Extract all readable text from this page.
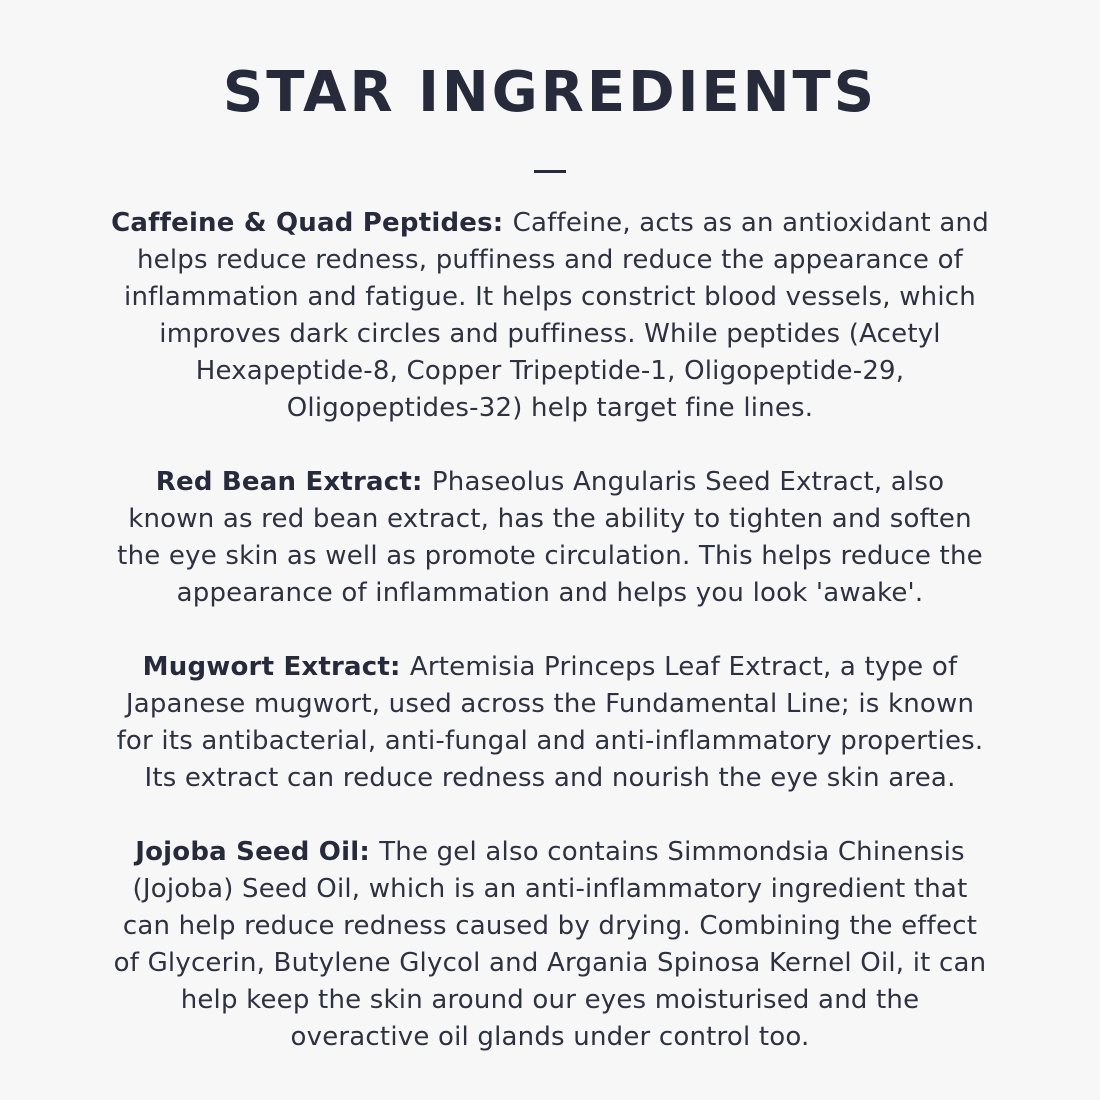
STAR INGREDIENTS

Caffeine & Quad Peptides: Caffeine, acts as an antioxidant and helps reduce redness, puffiness and reduce the appearance of inflammation and fatigue. It helps constrict blood vessels, which improves dark circles and puffiness. While peptides (Acetyl Hexapeptide-8, Copper Tripeptide-1, Oligopeptide-29, Oligopeptides-32) help target fine lines.

Red Bean Extract: Phaseolus Angularis Seed Extract, also known as red bean extract, has the ability to tighten and soften the eye skin as well as promote circulation. This helps reduce the appearance of inflammation and helps you look 'awake'.

Mugwort Extract: Artemisia Princeps Leaf Extract, a type of Japanese mugwort, used across the Fundamental Line; is known for its antibacterial, anti-fungal and anti-inflammatory properties. Its extract can reduce redness and nourish the eye skin area.

Jojoba Seed Oil: The gel also contains Simmondsia Chinensis (Jojoba) Seed Oil, which is an anti-inflammatory ingredient that can help reduce redness caused by drying. Combining the effect of Glycerin, Butylene Glycol and Argania Spinosa Kernel Oil, it can help keep the skin around our eyes moisturised and the overactive oil glands under control too.
